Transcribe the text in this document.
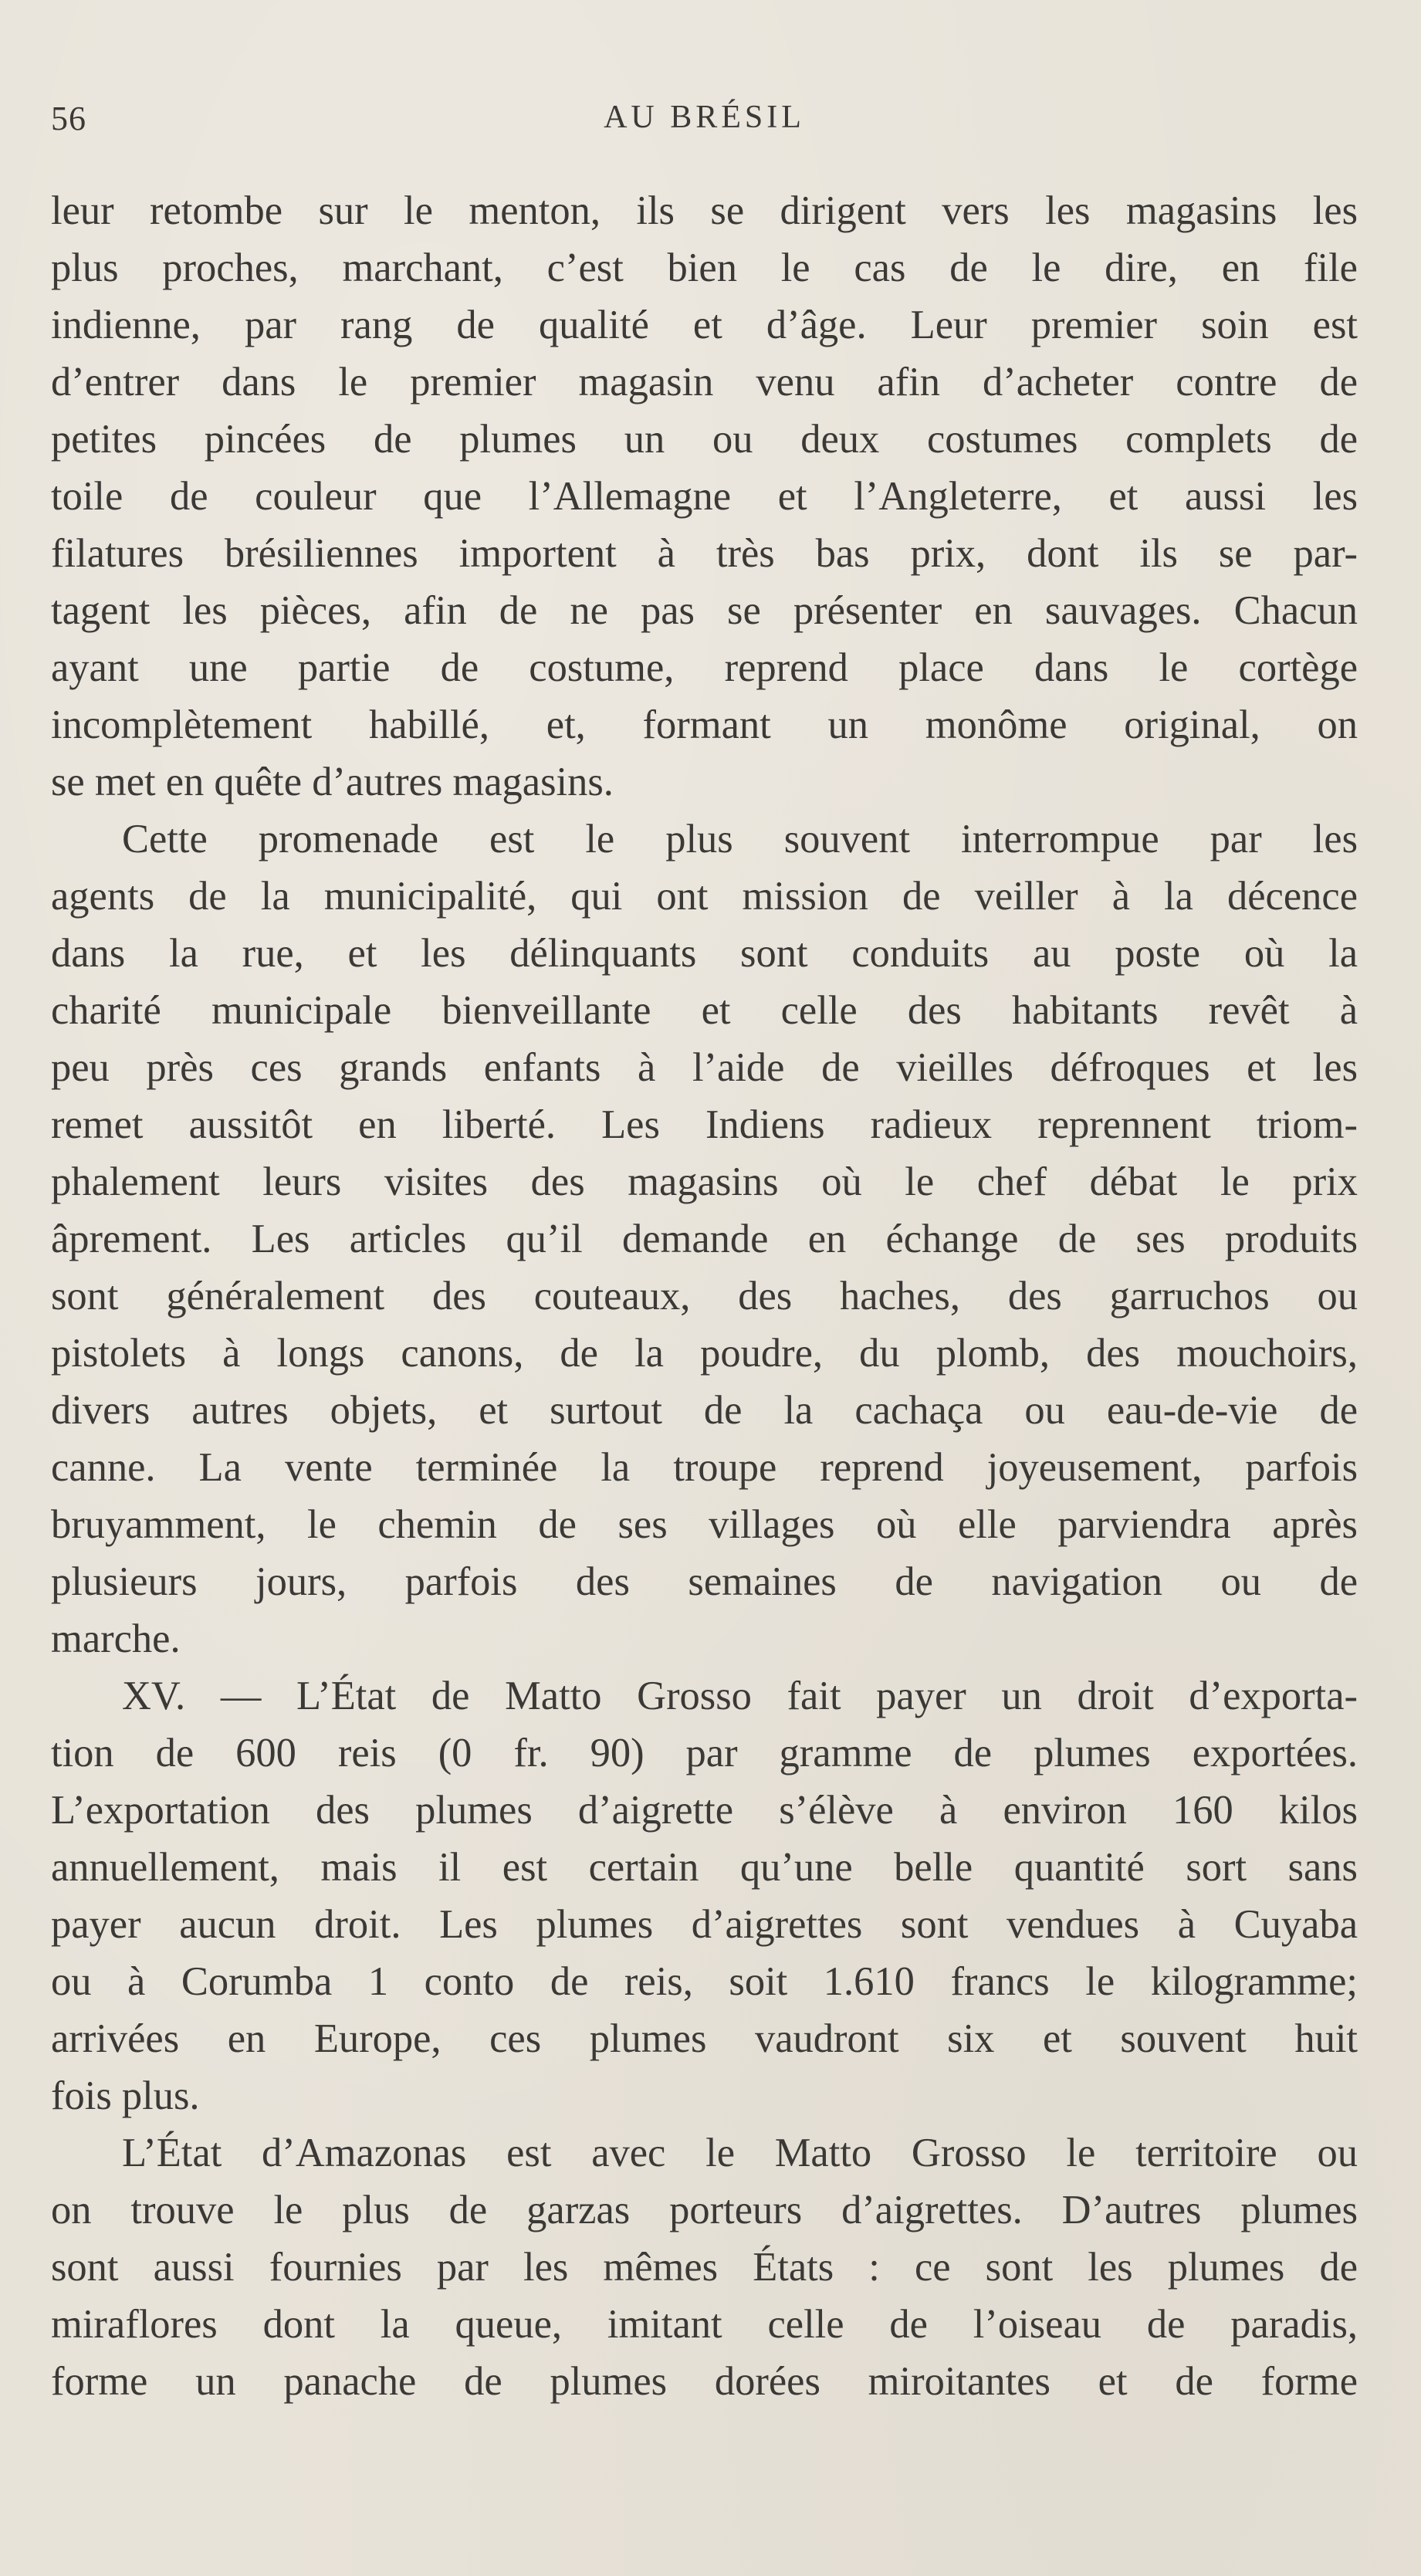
56	AU BRÉSIL
leur retombe sur le menton, ils se dirigent vers les magasins les
plus proches, marchant, c’est bien le cas de le dire, en file
indienne, par rang de qualité et d’âge. Leur premier soin est
d’entrer dans le premier magasin venu afin d’acheter contre de
petites pincées de plumes un ou deux costumes complets de
toile de couleur que l’Allemagne et l’Angleterre, et aussi les
filatures brésiliennes importent à très bas prix, dont ils se par-
tagent les pièces, afin de ne pas se présenter en sauvages. Chacun
ayant une partie de costume, reprend place dans le cortège
incomplètement habillé, et, formant un monôme original, on
se met en quête d’autres magasins.
Cette promenade est le plus souvent interrompue par les
agents de la municipalité, qui ont mission de veiller à la décence
dans la rue, et les délinquants sont conduits au poste où la
charité municipale bienveillante et celle des habitants revêt à
peu près ces grands enfants à l’aide de vieilles défroques et les
remet aussitôt en liberté. Les Indiens radieux reprennent triom-
phalement leurs visites des magasins où le chef débat le prix
âprement. Les articles qu’il demande en échange de ses produits
sont généralement des couteaux, des haches, des garruchos ou
pistolets à longs canons, de la poudre, du plomb, des mouchoirs,
divers autres objets, et surtout de la cachaça ou eau-de-vie de
canne. La vente terminée la troupe reprend joyeusement, parfois
bruyamment, le chemin de ses villages où elle parviendra après
plusieurs jours, parfois des semaines de navigation ou de
marche.
XV. — L’État de Matto Grosso fait payer un droit d’exporta-
tion de 600 reis (0 fr. 90) par gramme de plumes exportées.
L’exportation des plumes d’aigrette s’élève à environ 160 kilos
annuellement, mais il est certain qu’une belle quantité sort sans
payer aucun droit. Les plumes d’aigrettes sont vendues à Cuyaba
ou à Corumba 1 conto de reis, soit 1.610 francs le kilogramme;
arrivées en Europe, ces plumes vaudront six et souvent huit
fois plus.
L’État d’Amazonas est avec le Matto Grosso le territoire ou
on trouve le plus de garzas porteurs d’aigrettes. D’autres plumes
sont aussi fournies par les mêmes États : ce sont les plumes de
miraflores dont la queue, imitant celle de l’oiseau de paradis,
forme un panache de plumes dorées miroitantes et de forme
